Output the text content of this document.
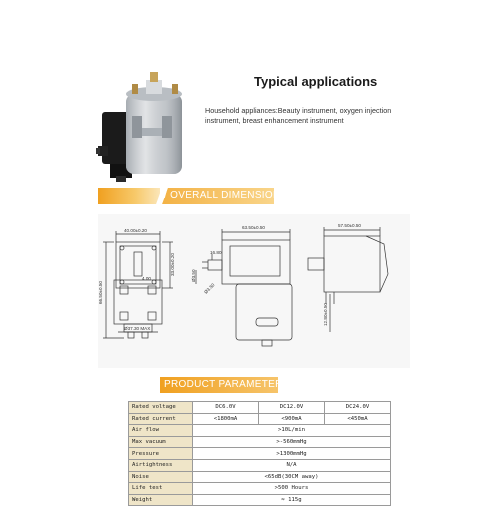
Typical applications
Household appliances:Beauty instrument, oxygen injection instrument, breast enhancement instrument
/ OVERALL DIMENSIONS
40.00±0.20
66.50±0.50
33.00±0.20
4.00
Ø37.30 MAX
63.50±0.50
16.80
Ø3.50
Ø3.50
57.50±0.50
12.80±0.50
PRODUCT PARAMETERS
Rated voltage	DC6.0V	DC12.0V	DC24.0V
Rated current	<1800mA	<900mA	<450mA
Air flow	>10L/min		
Max vacuum	>-560mmHg		
Pressure	>1300mmHg		
Airtightness	N/A		
Noise	<65dB(30CM away)		
Life test	>500 Hours		
Weight	≈ 115g		
